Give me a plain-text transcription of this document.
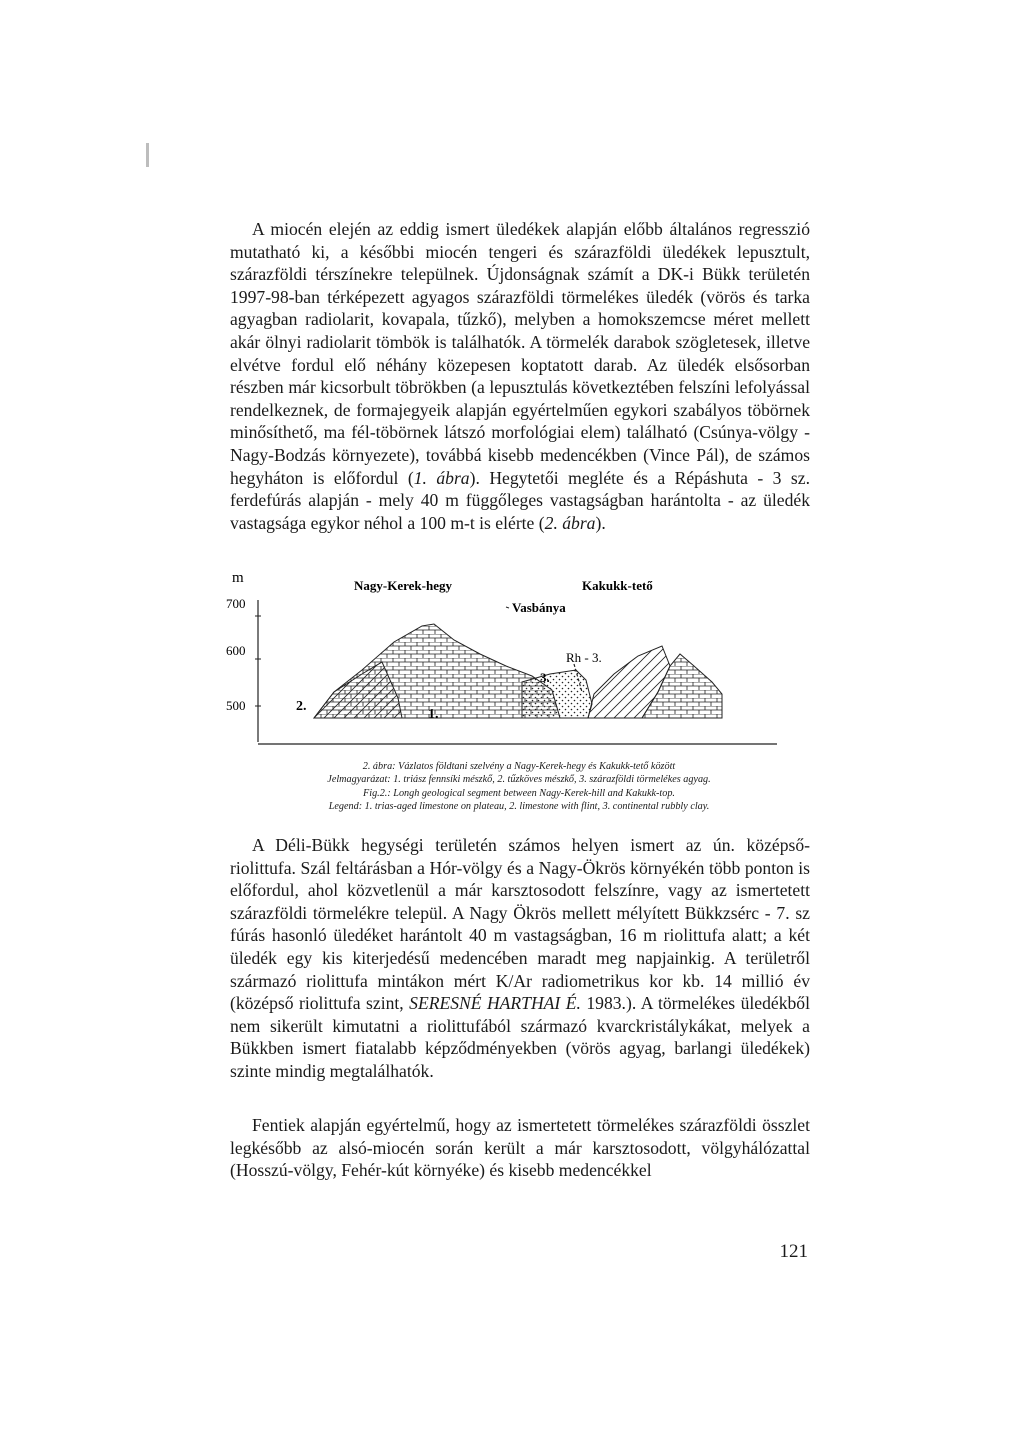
A miocén elején az eddig ismert üledékek alapján előbb általános regresszió mutatható ki, a későbbi miocén tengeri és szárazföldi üledékek lepusztult, szárazföldi térszínekre települnek. Újdonságnak számít a DK-i Bükk területén 1997-98-ban térképezett agyagos szárazföldi törmelékes üledék (vörös és tarka agyagban radiolarit, kovapala, tűzkő), melyben a homokszemcse méret mellett akár ölnyi radiolarit tömbök is találhatók. A törmelék darabok szögletesek, illetve elvétve fordul elő néhány közepesen koptatott darab. Az üledék elsősorban részben már kicsorbult töbrökben (a lepusztulás következtében felszíni lefolyással rendelkeznek, de formajegyeik alapján egyértelműen egykori szabályos töbörnek minősíthető, ma fél-töbörnek látszó morfológiai elem) található (Csúnya-völgy - Nagy-Bodzás környezete), továbbá kisebb medencékben (Vince Pál), de számos hegyháton is előfordul (1. ábra). Hegytetői megléte és a Répáshuta - 3 sz. ferdefúrás alapján - mely 40 m függőleges vastagságban harántolta - az üledék vastagsága egykor néhol a 100 m-t is elérte (2. ábra).

m
700
600
500
Nagy-Kerek-hegy	Kakukk-tető
Vasbánya
Rh - 3.
1.
2.
3.
2. ábra: Vázlatos földtani szelvény a Nagy-Kerek-hegy és Kakukk-tető között
Jelmagyarázat: 1. triász fennsíki mészkő, 2. tűzköves mészkő, 3. szárazföldi törmelékes agyag.
Fig.2.: Longh geological segment between Nagy-Kerek-hill and Kakukk-top.
Legend: 1. trias-aged limestone on plateau, 2. limestone with flint, 3. continental rubbly clay.

A Déli-Bükk hegységi területén számos helyen ismert az ún. középső-riolittufa. Szál feltárásban a Hór-völgy és a Nagy-Ökrös környékén több ponton is előfordul, ahol közvetlenül a már karsztosodott felszínre, vagy az ismertetett szárazföldi törmelékre települ. A Nagy Ökrös mellett mélyített Bükkzsérc - 7. sz fúrás hasonló üledéket harántolt 40 m vastagságban, 16 m riolittufa alatt; a két üledék egy kis kiterjedésű medencében maradt meg napjainkig. A területről származó riolittufa mintákon mért K/Ar radiometrikus kor kb. 14 millió év (középső riolittufa szint, SERESNÉ HARTHAI É. 1983.). A törmelékes üledékből nem sikerült kimutatni a riolittufából származó kvarckristálykákat, melyek a Bükkben ismert fiatalabb képződményekben (vörös agyag, barlangi üledékek) szinte mindig megtalálhatók.

Fentiek alapján egyértelmű, hogy az ismertetett törmelékes szárazföldi összlet legkésőbb az alsó-miocén során került a már karsztosodott, völgyhálózattal (Hosszú-völgy, Fehér-kút környéke) és kisebb medencékkel

121
